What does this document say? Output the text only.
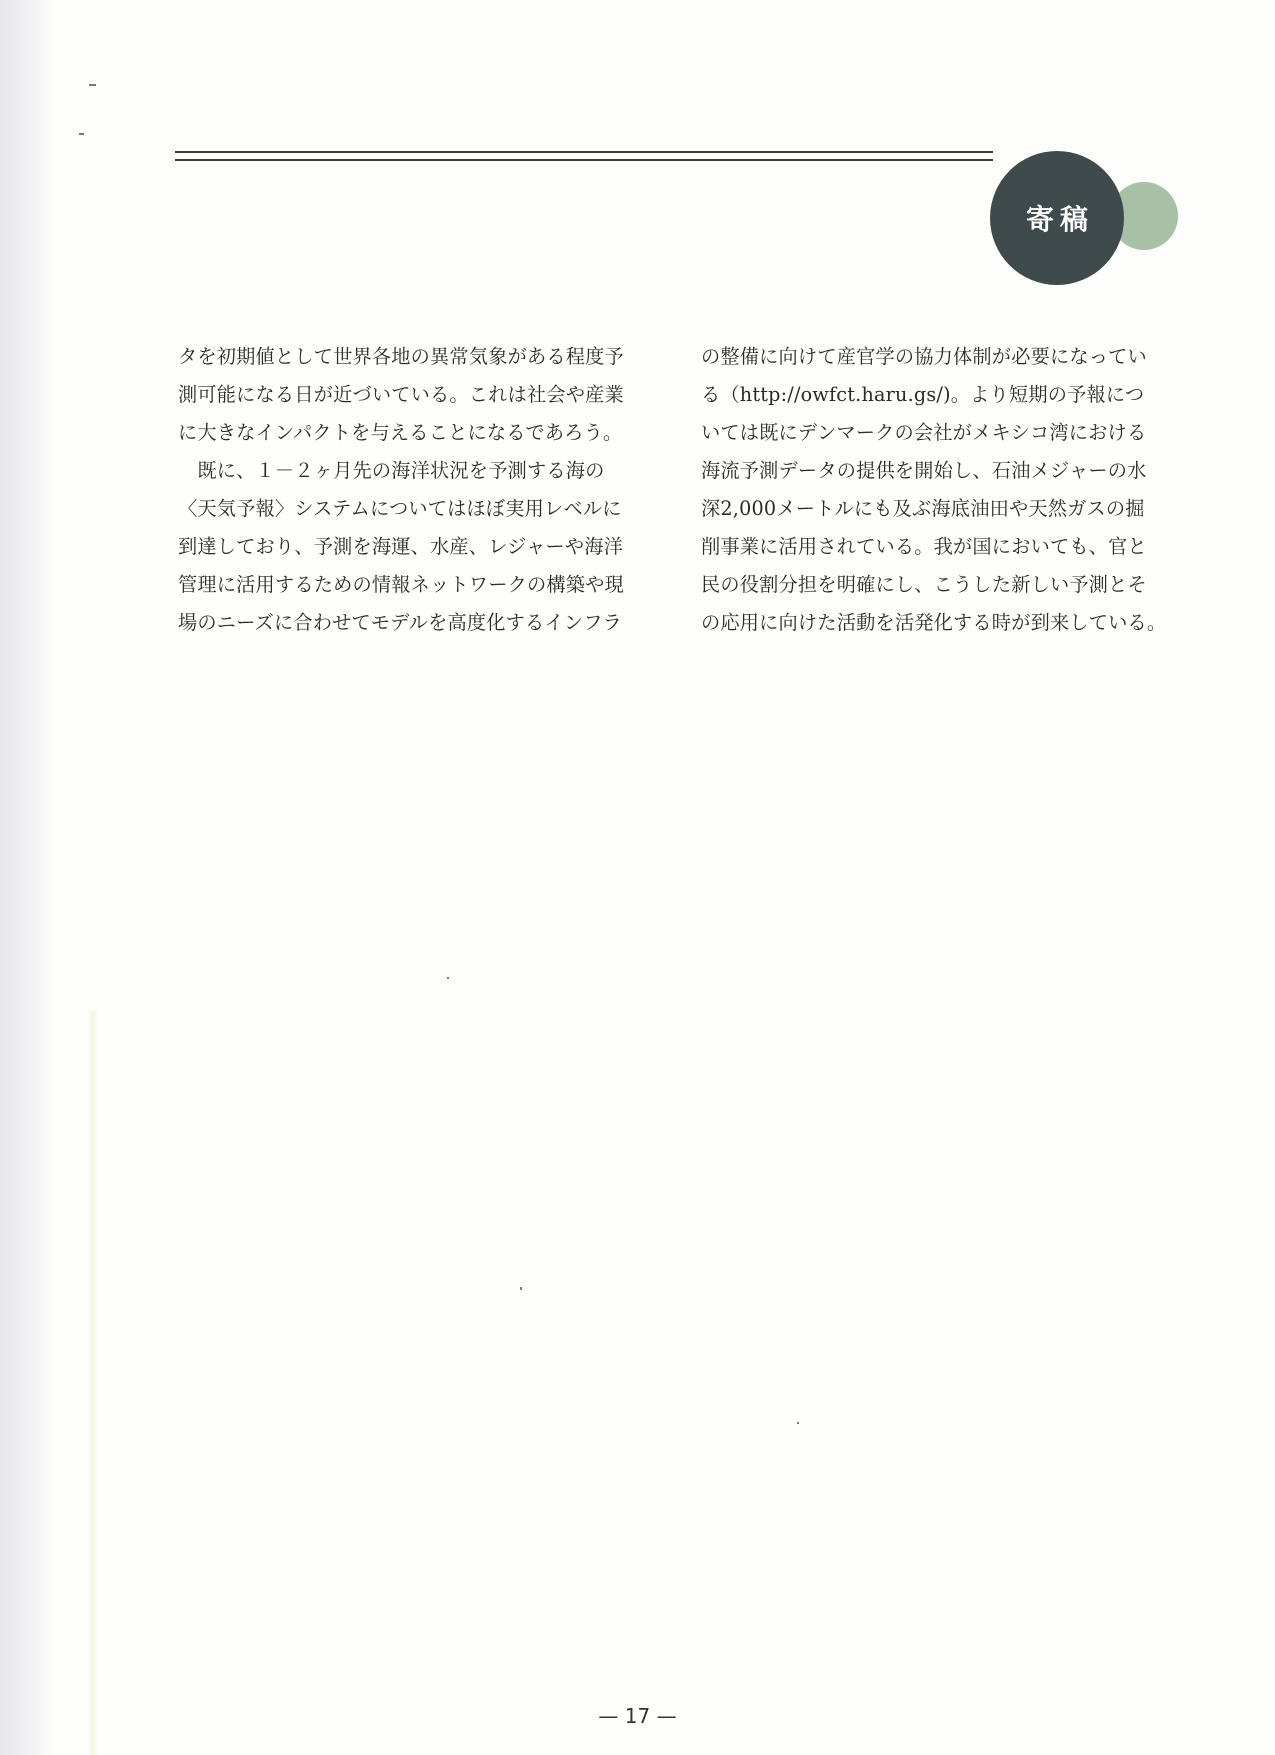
寄稿
タを初期値として世界各地の異常気象がある程度予
測可能になる日が近づいている。これは社会や産業
に大きなインパクトを与えることになるであろう。
　既に、１－２ヶ月先の海洋状況を予測する海の
〈天気予報〉システムについてはほぼ実用レベルに
到達しており、予測を海運、水産、レジャーや海洋
管理に活用するための情報ネットワークの構築や現
場のニーズに合わせてモデルを高度化するインフラ
の整備に向けて産官学の協力体制が必要になってい
る（http://owfct.haru.gs/)。より短期の予報につ
いては既にデンマークの会社がメキシコ湾における
海流予測データの提供を開始し、石油メジャーの水
深2,000メートルにも及ぶ海底油田や天然ガスの掘
削事業に活用されている。我が国においても、官と
民の役割分担を明確にし、こうした新しい予測とそ
の応用に向けた活動を活発化する時が到来している。
— 17 —
